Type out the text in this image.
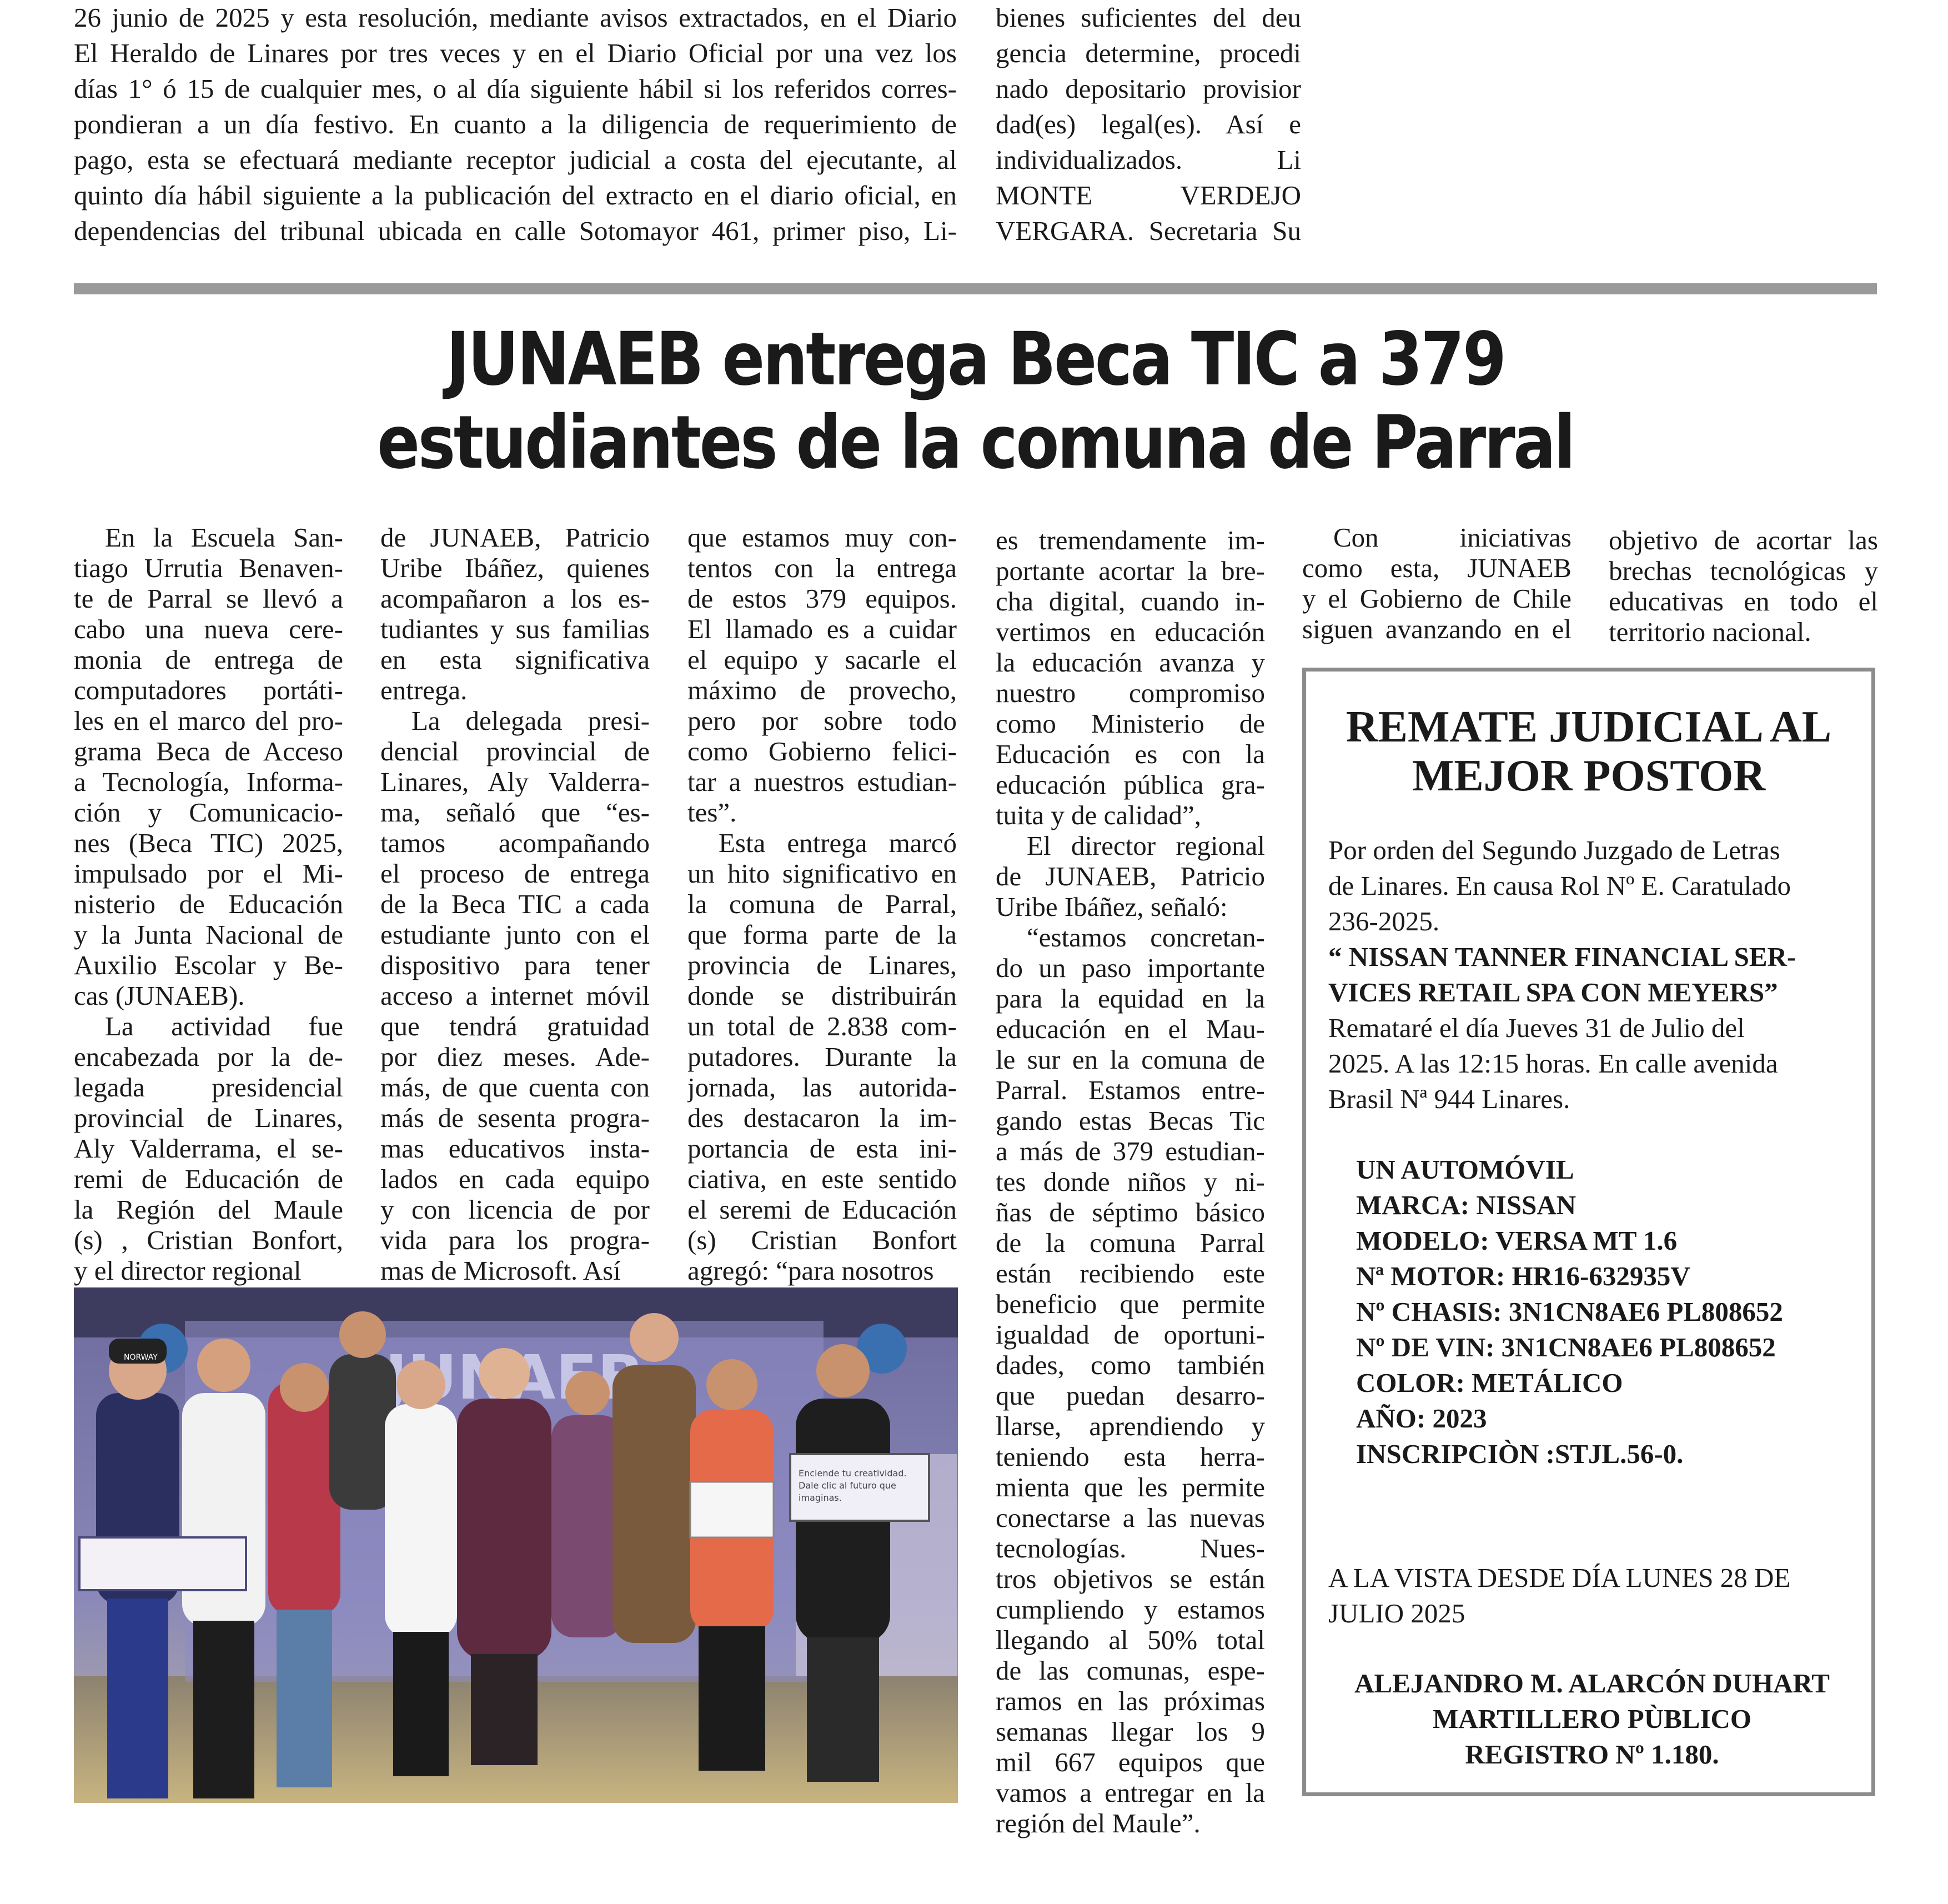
26 junio de 2025 y esta resolución, mediante avisos extractados, en el Diario
El Heraldo de Linares por tres veces y en el Diario Oficial por una vez los
días 1° ó 15 de cualquier mes, o al día siguiente hábil si los referidos corres-
pondieran a un día festivo. En cuanto a la diligencia de requerimiento de
pago, esta se efectuará mediante receptor judicial a costa del ejecutante, al
quinto día hábil siguiente a la publicación del extracto en el diario oficial, en
dependencias del tribunal ubicada en calle Sotomayor 461, primer piso, Li-
bienes suficientes del deu
gencia determine, procedi
nado depositario provisior
dad(es) legal(es). Así e
individualizados. Li
MONTE VERDEJO
VERGARA. Secretaria Su
JUNAEB entrega Beca TIC a 379
estudiantes de la comuna de Parral
En la Escuela San-
tiago Urrutia Benaven-
te de Parral se llevó a
cabo una nueva cere-
monia de entrega de
computadores portáti-
les en el marco del pro-
grama Beca de Acceso
a Tecnología, Informa-
ción y Comunicacio-
nes (Beca TIC) 2025,
impulsado por el Mi-
nisterio de Educación
y la Junta Nacional de
Auxilio Escolar y Be-
cas (JUNAEB).
La actividad fue
encabezada por la de-
legada presidencial
provincial de Linares,
Aly Valderrama, el se-
remi de Educación de
la Región del Maule
(s) , Cristian Bonfort,
y el director regional
de JUNAEB, Patricio
Uribe Ibáñez, quienes
acompañaron a los es-
tudiantes y sus familias
en esta significativa
entrega.
La delegada presi-
dencial provincial de
Linares, Aly Valderra-
ma, señaló que “es-
tamos acompañando
el proceso de entrega
de la Beca TIC a cada
estudiante junto con el
dispositivo para tener
acceso a internet móvil
que tendrá gratuidad
por diez meses. Ade-
más, de que cuenta con
más de sesenta progra-
mas educativos insta-
lados en cada equipo
y con licencia de por
vida para los progra-
mas de Microsoft. Así
que estamos muy con-
tentos con la entrega
de estos 379 equipos.
El llamado es a cuidar
el equipo y sacarle el
máximo de provecho,
pero por sobre todo
como Gobierno felici-
tar a nuestros estudian-
tes”.
Esta entrega marcó
un hito significativo en
la comuna de Parral,
que forma parte de la
provincia de Linares,
donde se distribuirán
un total de 2.838 com-
putadores. Durante la
jornada, las autorida-
des destacaron la im-
portancia de esta ini-
ciativa, en este sentido
el seremi de Educación
(s) Cristian Bonfort
agregó: “para nosotros
es tremendamente im-
portante acortar la bre-
cha digital, cuando in-
vertimos en educación
la educación avanza y
nuestro compromiso
como Ministerio de
Educación es con la
educación pública gra-
tuita y de calidad”,
El director regional
de JUNAEB, Patricio
Uribe Ibáñez, señaló:
“estamos concretan-
do un paso importante
para la equidad en la
educación en el Mau-
le sur en la comuna de
Parral. Estamos entre-
gando estas Becas Tic
a más de 379 estudian-
tes donde niños y ni-
ñas de séptimo básico
de la comuna Parral
están recibiendo este
beneficio que permite
igualdad de oportuni-
dades, como también
que puedan desarro-
llarse, aprendiendo y
teniendo esta herra-
mienta que les permite
conectarse a las nuevas
tecnologías. Nues-
tros objetivos se están
cumpliendo y estamos
llegando al 50% total
de las comunas, espe-
ramos en las próximas
semanas llegar los 9
mil 667 equipos que
vamos a entregar en la
región del Maule”.
Con iniciativas
como esta, JUNAEB
y el Gobierno de Chile
siguen avanzando en el
objetivo de acortar las
brechas tecnológicas y
educativas en todo el
territorio nacional.
NORWAY
Enciende tu creatividad.
Dale clic al futuro que
imaginas.
REMATE JUDICIAL AL
MEJOR POSTOR
Por orden del Segundo Juzgado de Letras
de Linares. En causa Rol Nº E. Caratulado
236-2025.
“ NISSAN TANNER FINANCIAL SER-
VICES RETAIL SPA CON MEYERS”
Remataré el día Jueves 31 de Julio del
2025. A las 12:15 horas. En calle avenida
Brasil Nª 944 Linares.
UN AUTOMÓVIL
MARCA: NISSAN
MODELO: VERSA MT 1.6
Nª MOTOR: HR16-632935V
Nº CHASIS: 3N1CN8AE6 PL808652
Nº DE VIN: 3N1CN8AE6 PL808652
COLOR: METÁLICO
AÑO: 2023
INSCRIPCIÒN :STJL.56-0.
A LA VISTA DESDE DÍA LUNES 28 DE
JULIO 2025
ALEJANDRO M. ALARCÓN DUHART
MARTILLERO PÙBLICO
REGISTRO Nº 1.180.
